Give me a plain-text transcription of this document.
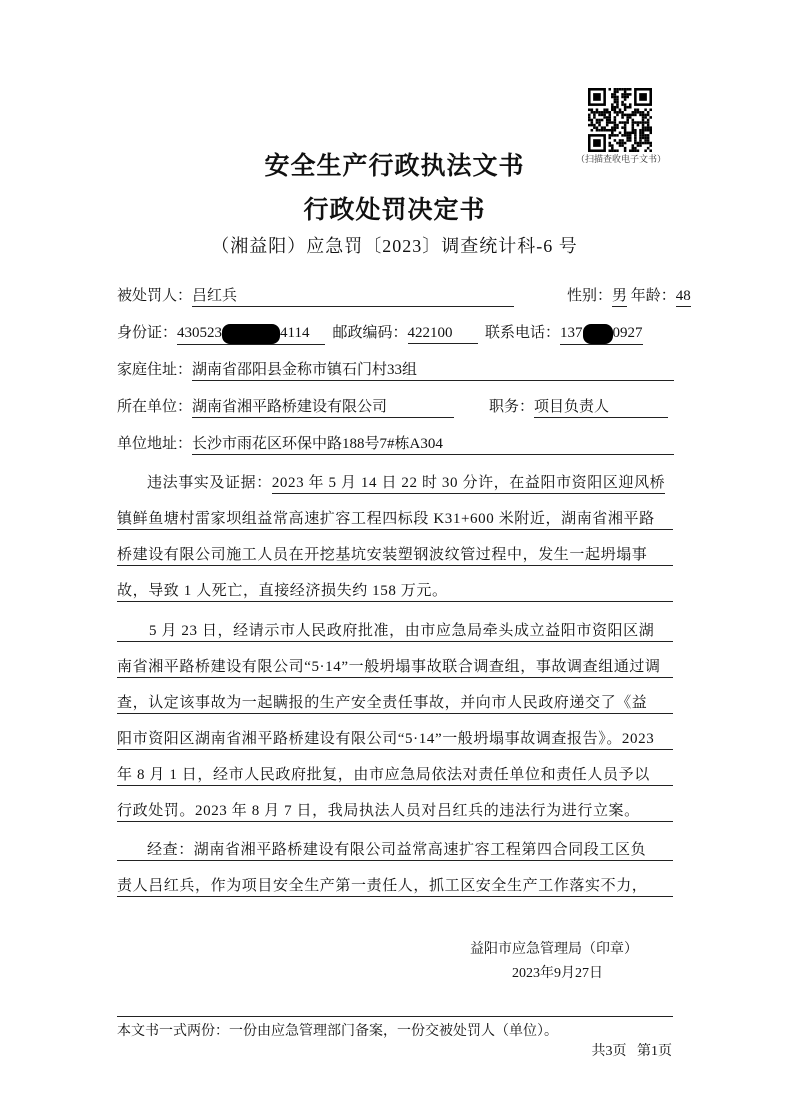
（扫描查收电子文书）
安全生产行政执法文书
行政处罚决定书
（湘益阳）应急罚〔2023〕调查统计科-6 号
被处罚人：吕红兵	性别：男 年龄：48
身份证：430523	4114 邮政编码：422100 联系电话：137 0927
家庭住址：湖南省邵阳县金称市镇石门村33组
所在单位：湖南省湘平路桥建设有限公司	职务：项目负责人
单位地址：长沙市雨花区环保中路188号7#栋A304
违法事实及证据：2023 年 5 月 14 日 22 时 30 分许，在益阳市资阳区迎风桥
镇鲜鱼塘村雷家坝组益常高速扩容工程四标段 K31+600 米附近，湖南省湘平路
桥建设有限公司施工人员在开挖基坑安装塑钢波纹管过程中，发生一起坍塌事
故，导致 1 人死亡，直接经济损失约 158 万元。
5 月 23 日，经请示市人民政府批准，由市应急局牵头成立益阳市资阳区湖
南省湘平路桥建设有限公司“5·14”一般坍塌事故联合调查组，事故调查组通过调
查，认定该事故为一起瞒报的生产安全责任事故，并向市人民政府递交了《益
阳市资阳区湖南省湘平路桥建设有限公司“5·14”一般坍塌事故调查报告》。2023
年 8 月 1 日，经市人民政府批复，由市应急局依法对责任单位和责任人员予以
行政处罚。2023 年 8 月 7 日，我局执法人员对吕红兵的违法行为进行立案。
经查：湖南省湘平路桥建设有限公司益常高速扩容工程第四合同段工区负
责人吕红兵，作为项目安全生产第一责任人，抓工区安全生产工作落实不力，
益阳市应急管理局（印章）
2023年9月27日
本文书一式两份：一份由应急管理部门备案，一份交被处罚人（单位）。
共3页   第1页
